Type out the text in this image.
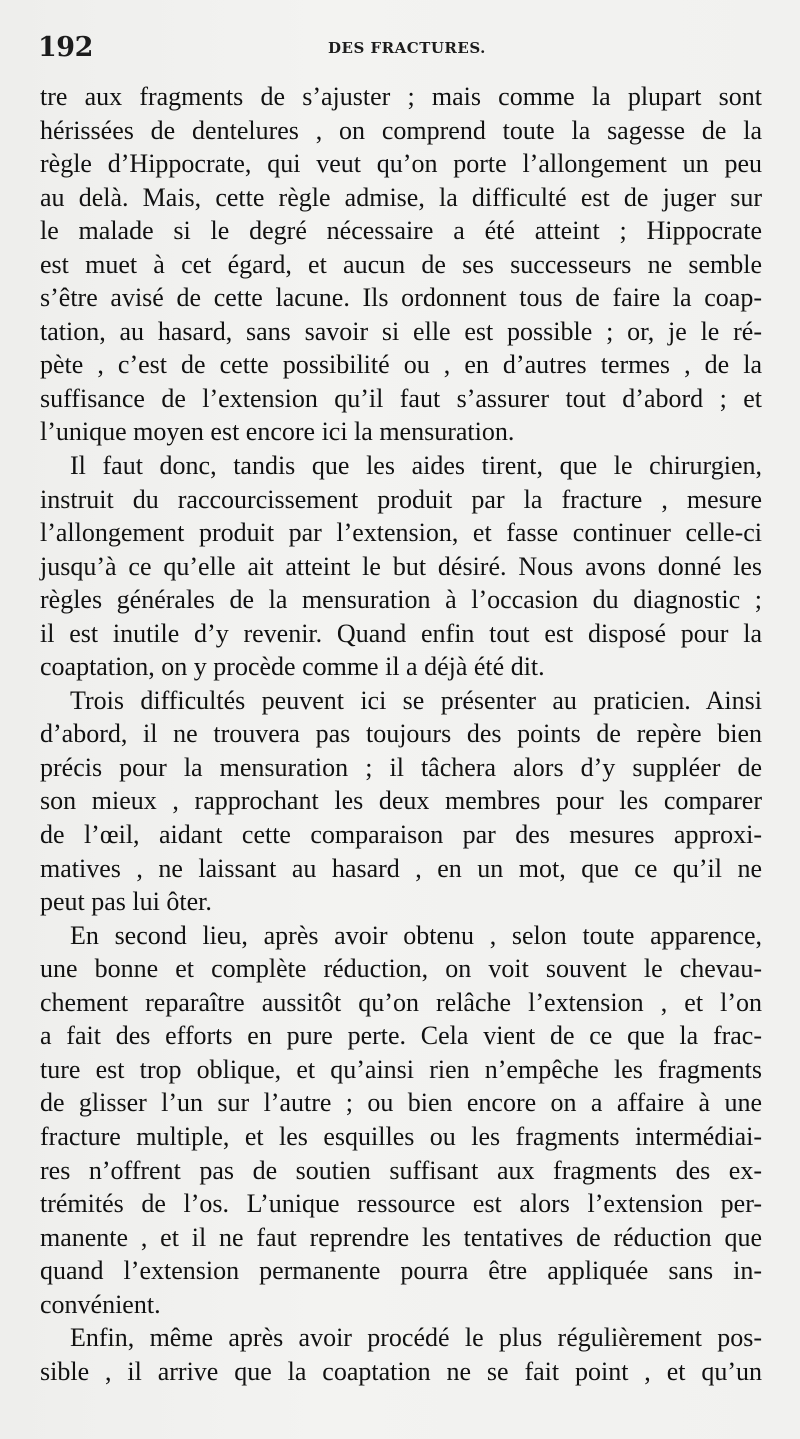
192	DES FRACTURES.
tre aux fragments de s’ajuster ; mais comme la plupart sont
hérissées de dentelures , on comprend toute la sagesse de la
règle d’Hippocrate, qui veut qu’on porte l’allongement un peu
au delà. Mais, cette règle admise, la difficulté est de juger sur
le malade si le degré nécessaire a été atteint ; Hippocrate
est muet à cet égard, et aucun de ses successeurs ne semble
s’être avisé de cette lacune. Ils ordonnent tous de faire la coap-
tation, au hasard, sans savoir si elle est possible ; or, je le ré-
pète , c’est de cette possibilité ou , en d’autres termes , de la
suffisance de l’extension qu’il faut s’assurer tout d’abord ; et
l’unique moyen est encore ici la mensuration.
Il faut donc, tandis que les aides tirent, que le chirurgien,
instruit du raccourcissement produit par la fracture , mesure
l’allongement produit par l’extension, et fasse continuer celle-ci
jusqu’à ce qu’elle ait atteint le but désiré. Nous avons donné les
règles générales de la mensuration à l’occasion du diagnostic ;
il est inutile d’y revenir. Quand enfin tout est disposé pour la
coaptation, on y procède comme il a déjà été dit.
Trois difficultés peuvent ici se présenter au praticien. Ainsi
d’abord, il ne trouvera pas toujours des points de repère bien
précis pour la mensuration ; il tâchera alors d’y suppléer de
son mieux , rapprochant les deux membres pour les comparer
de l’œil, aidant cette comparaison par des mesures approxi-
matives , ne laissant au hasard , en un mot, que ce qu’il ne
peut pas lui ôter.
En second lieu, après avoir obtenu , selon toute apparence,
une bonne et complète réduction, on voit souvent le chevau-
chement reparaître aussitôt qu’on relâche l’extension , et l’on
a fait des efforts en pure perte. Cela vient de ce que la frac-
ture est trop oblique, et qu’ainsi rien n’empêche les fragments
de glisser l’un sur l’autre ; ou bien encore on a affaire à une
fracture multiple, et les esquilles ou les fragments intermédiai-
res n’offrent pas de soutien suffisant aux fragments des ex-
trémités de l’os. L’unique ressource est alors l’extension per-
manente , et il ne faut reprendre les tentatives de réduction que
quand l’extension permanente pourra être appliquée sans in-
convénient.
Enfin, même après avoir procédé le plus régulièrement pos-
sible , il arrive que la coaptation ne se fait point , et qu’un
